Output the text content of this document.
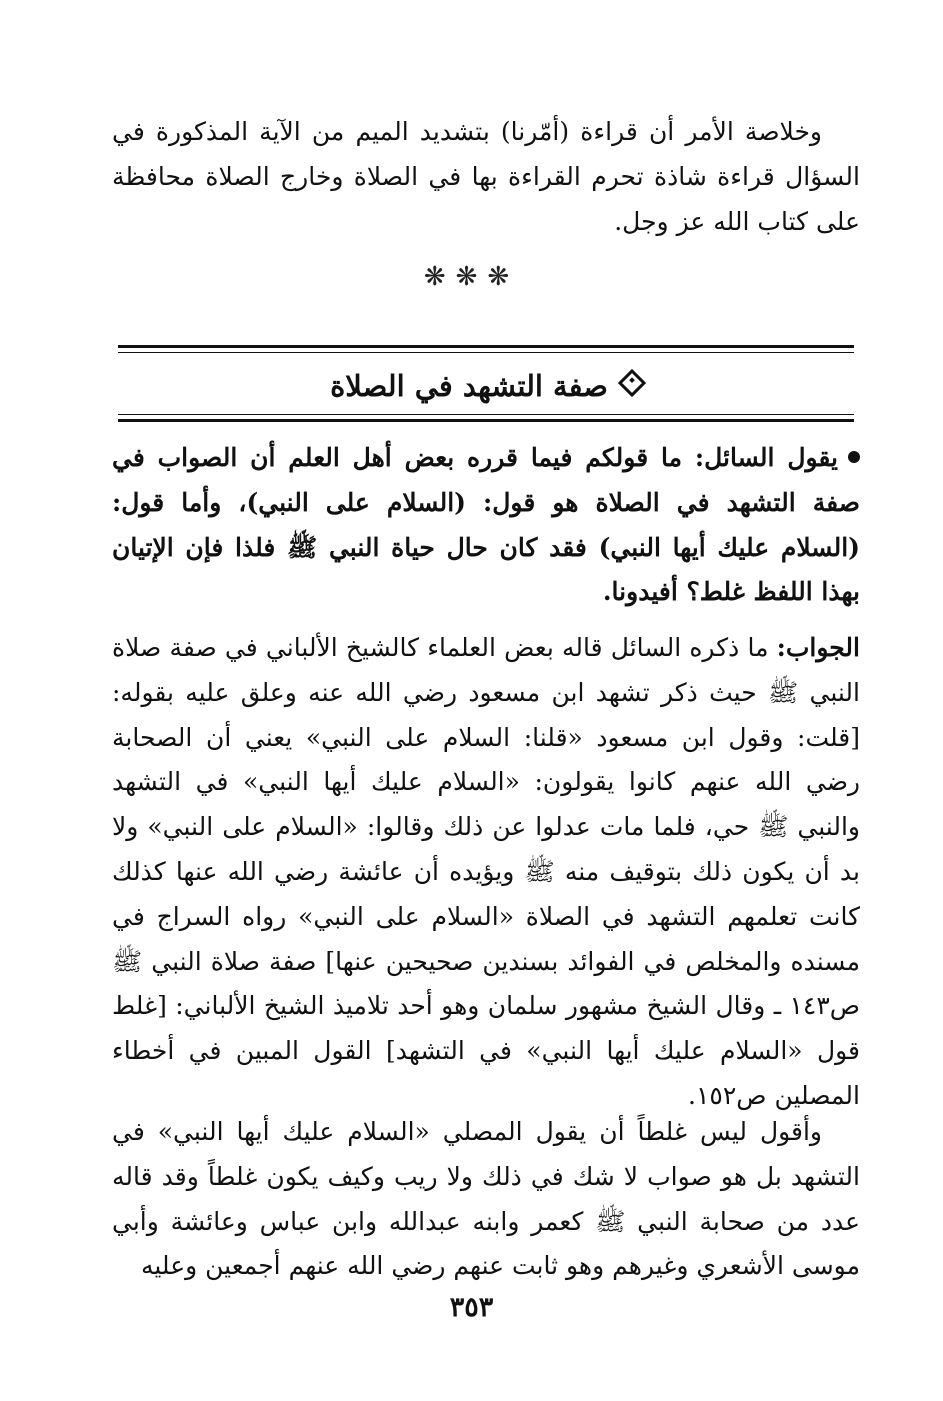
وخلاصة الأمر أن قراءة (أمّرنا) بتشديد الميم من الآية المذكورة في السؤال قراءة شاذة تحرم القراءة بها في الصلاة وخارج الصلاة محافظة على كتاب الله عز وجل.

❋❋❋
صفة التشهد في الصلاة

يقول السائل: ما قولكم فيما قرره بعض أهل العلم أن الصواب في صفة التشهد في الصلاة هو قول: (السلام على النبي)، وأما قول: (السلام عليك أيها النبي) فقد كان حال حياة النبي ﷺ فلذا فإن الإتيان بهذا اللفظ غلط؟ أفيدونا.

الجواب: ما ذكره السائل قاله بعض العلماء كالشيخ الألباني في صفة صلاة النبي ﷺ حيث ذكر تشهد ابن مسعود رضي الله عنه وعلق عليه بقوله: [قلت: وقول ابن مسعود «قلنا: السلام على النبي» يعني أن الصحابة رضي الله عنهم كانوا يقولون: «السلام عليك أيها النبي» في التشهد والنبي ﷺ حي، فلما مات عدلوا عن ذلك وقالوا: «السلام على النبي» ولا بد أن يكون ذلك بتوقيف منه ﷺ ويؤيده أن عائشة رضي الله عنها كذلك كانت تعلمهم التشهد في الصلاة «السلام على النبي» رواه السراج في مسنده والمخلص في الفوائد بسندين صحيحين عنها] صفة صلاة النبي ﷺ ص١٤٣ ـ وقال الشيخ مشهور سلمان وهو أحد تلاميذ الشيخ الألباني: [غلط قول «السلام عليك أيها النبي» في التشهد] القول المبين في أخطاء المصلين ص١٥٢.

وأقول ليس غلطاً أن يقول المصلي «السلام عليك أيها النبي» في التشهد بل هو صواب لا شك في ذلك ولا ريب وكيف يكون غلطاً وقد قاله عدد من صحابة النبي ﷺ كعمر وابنه عبدالله وابن عباس وعائشة وأبي موسى الأشعري وغيرهم وهو ثابت عنهم رضي الله عنهم أجمعين وعليه

٣٥٣
